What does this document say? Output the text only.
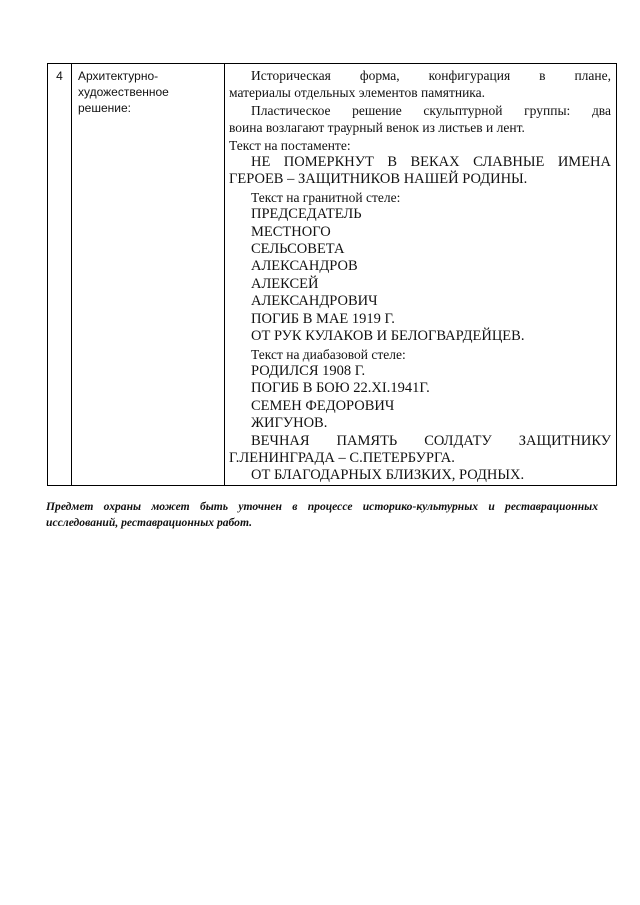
4	Архитектурно-
художественное
решение:

Историческая форма, конфигурация в плане,

материалы отдельных элементов памятника.

Пластическое решение скульптурной группы: два

воина возлагают траурный венок из листьев и лент.

Текст на постаменте:

НЕ ПОМЕРКНУТ В ВЕКАХ СЛАВНЫЕ ИМЕНА

ГЕРОЕВ – ЗАЩИТНИКОВ НАШЕЙ РОДИНЫ.

Текст на гранитной стеле:

ПРЕДСЕДАТЕЛЬ

МЕСТНОГО

СЕЛЬСОВЕТА

АЛЕКСАНДРОВ

АЛЕКСЕЙ

АЛЕКСАНДРОВИЧ

ПОГИБ В МАЕ 1919 Г.

ОТ РУК КУЛАКОВ И БЕЛОГВАРДЕЙЦЕВ.

Текст на диабазовой стеле:

РОДИЛСЯ 1908 Г.

ПОГИБ В БОЮ 22.XI.1941Г.

СЕМЕН ФЕДОРОВИЧ

ЖИГУНОВ.

ВЕЧНАЯ ПАМЯТЬ СОЛДАТУ ЗАЩИТНИКУ

Г.ЛЕНИНГРАДА – С.ПЕТЕРБУРГА.

ОТ БЛАГОДАРНЫХ БЛИЗКИХ, РОДНЫХ.

Предмет охраны может быть уточнен в процессе историко-культурных и реставрационных исследований, реставрационных работ.
